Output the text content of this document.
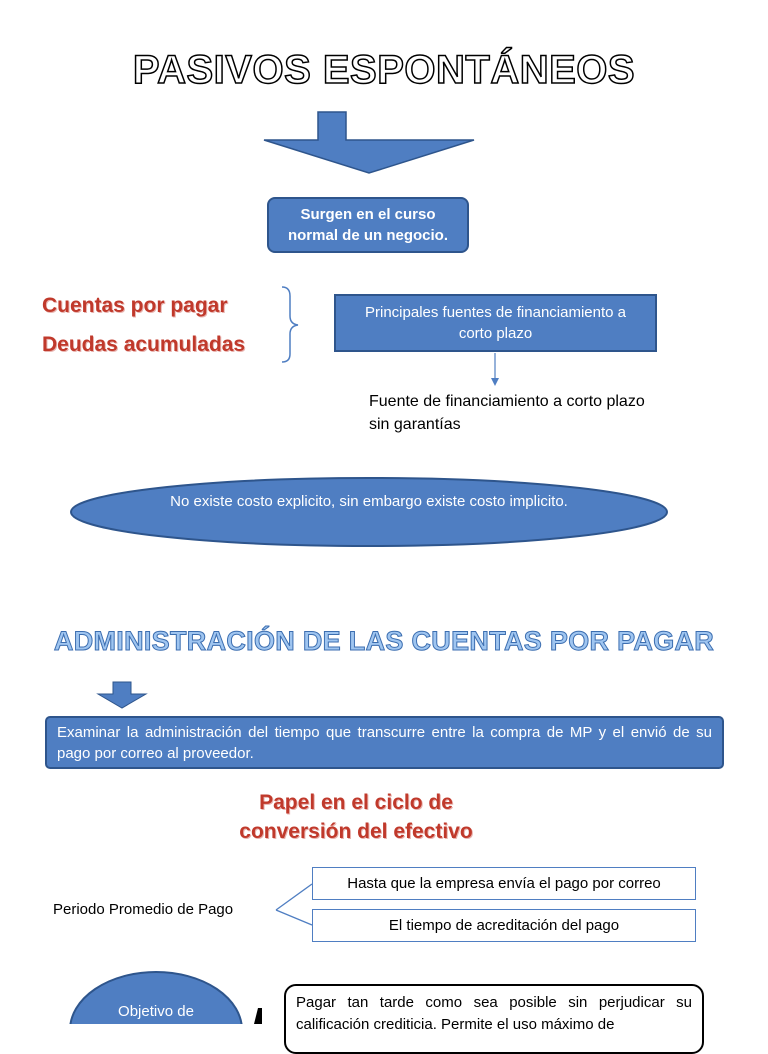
PASIVOS ESPONTÁNEOS
Surgen en el curso normal de un negocio.
Cuentas por pagar
Deudas acumuladas
Principales fuentes de financiamiento a corto plazo
Fuente de financiamiento a corto plazo sin garantías
No existe costo explicito, sin embargo existe costo implicito.
ADMINISTRACIÓN DE LAS CUENTAS POR PAGAR
Examinar la administración del tiempo que transcurre entre la compra de MP y el envió de su pago por correo al proveedor.
Papel en el ciclo de
conversión del efectivo
Periodo Promedio de Pago
Hasta que la empresa envía el pago por correo
El tiempo de acreditación del pago
Objetivo de
Pagar tan tarde como sea posible sin perjudicar su calificación crediticia. Permite el uso máximo de
